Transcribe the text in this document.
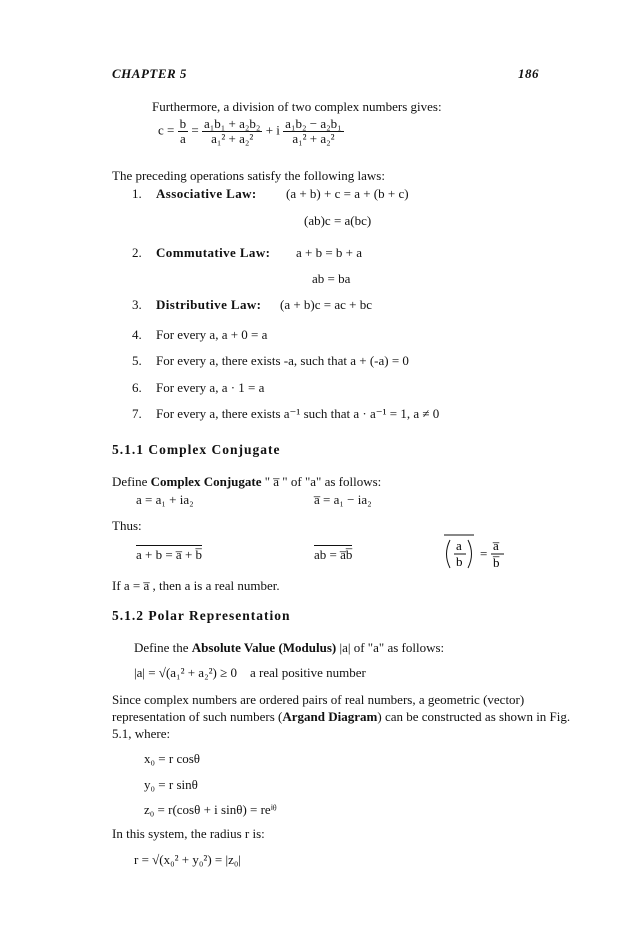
CHAPTER 5	186
Furthermore, a division of two complex numbers gives:
$c = \frac{b}{a} = \frac{\text{a₁b₁ + a₂b₂}}{\text{a₁² + a₂²}} + i \frac{\text{a₁b₂ − a₂b₁}}{\text{a₁² + a₂²}}$
The preceding operations satisfy the following laws:
1. Associative Law: (a + b) + c = a + (b + c)
(ab)c = a(bc)
2. Commutative Law: a + b = b + a
ab = ba
3. Distributive Law: (a + b)c = ac + bc
4. For every a, a + 0 = a
5. For every a, there exists -a, such that a + (-a) = 0
6. For every a, a · 1 = a
7. For every a, there exists a⁻¹ such that a · a⁻¹ = 1, a ≠ 0
5.1.1 Complex Conjugate
Define Complex Conjugate " a̅ " of "a" as follows:
a = a₁ + ia₂	a̅ = a₁ − ia₂
Thus:
a + b = a̅ + b̅	ab = a̅b̅
a
b
=
a̅
b̅
If a = a̅ , then a is a real number.
5.1.2 Polar Representation
Define the Absolute Value (Modulus) |a| of "a" as follows:
|a| = √(a₁² + a₂²) ≥ 0 a real positive number
Since complex numbers are ordered pairs of real numbers, a geometric (vector)
representation of such numbers (Argand Diagram) can be constructed as shown in Fig.
5.1, where:
x₀ = r cosθ
y₀ = r sinθ
z₀ = r(cosθ + i sinθ) = reⁱᶿ
In this system, the radius r is:
r = √(x₀² + y₀²) = |z₀|
